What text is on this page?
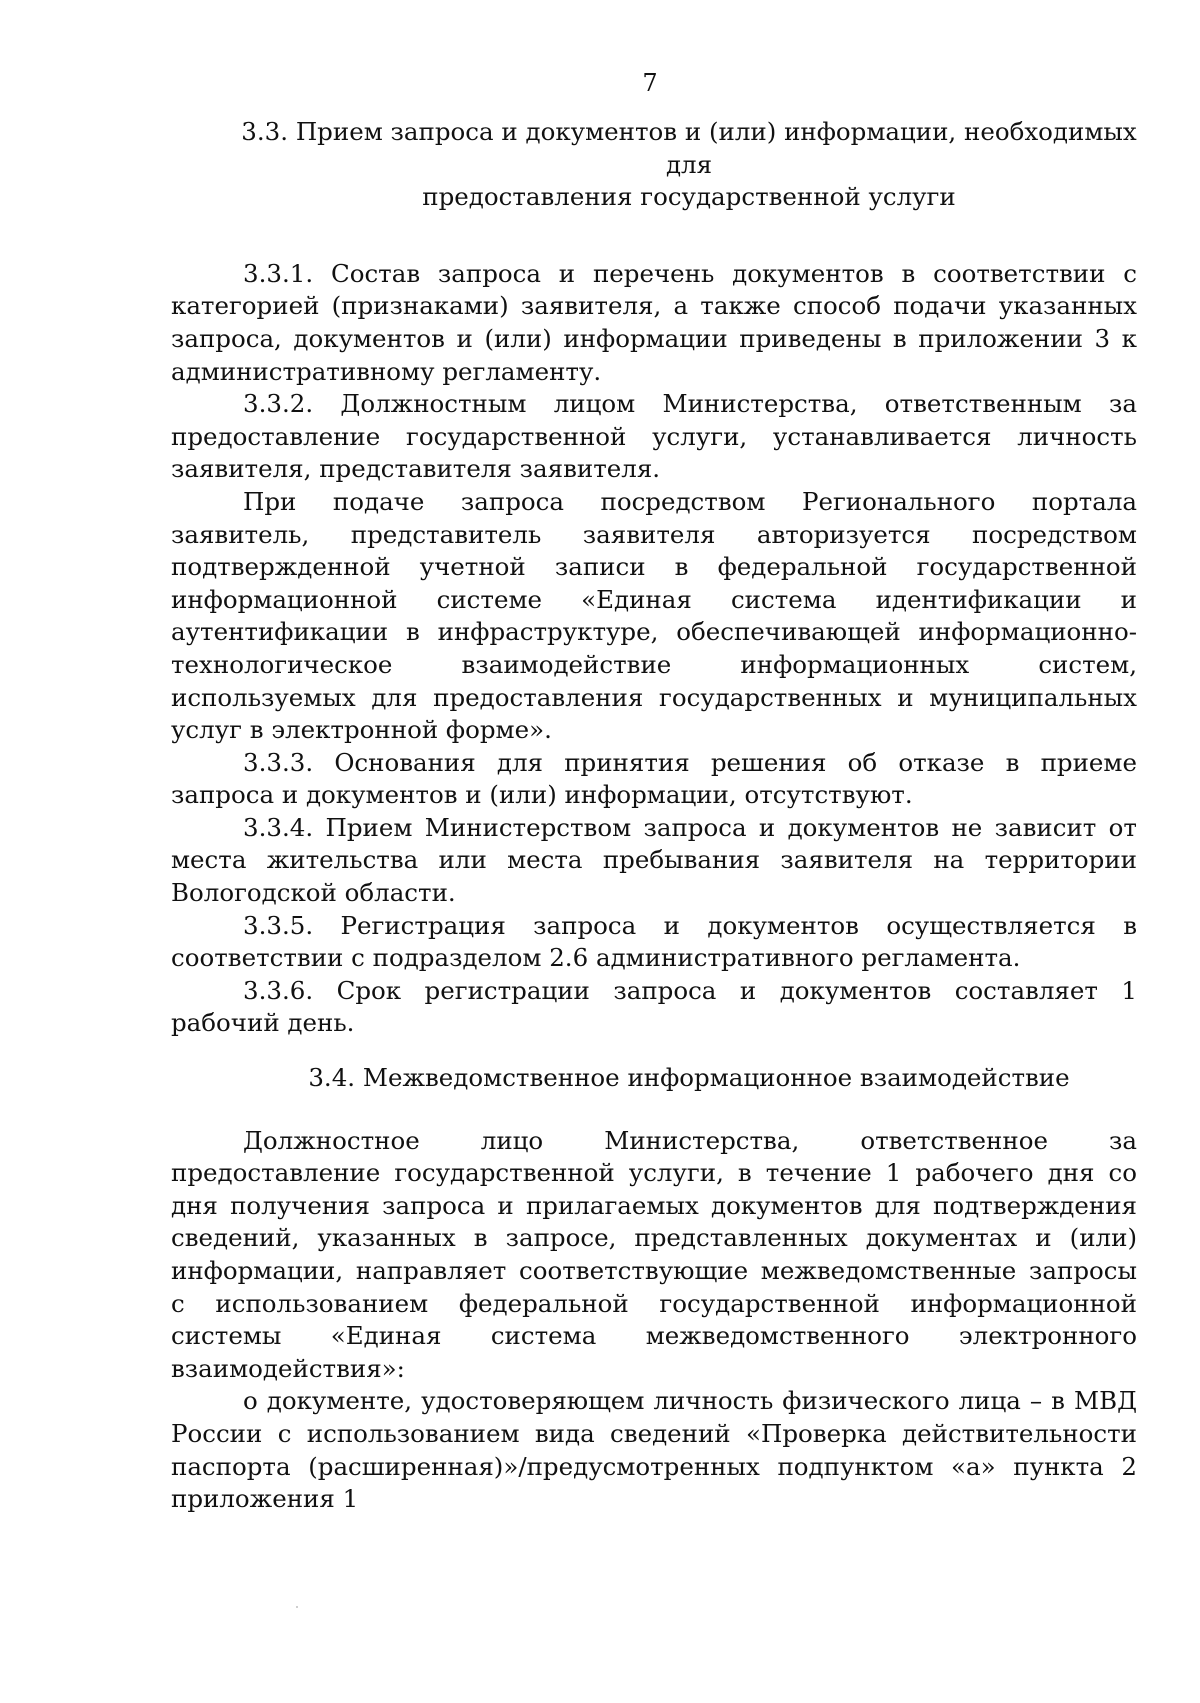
7
3.3. Прием запроса и документов и (или) информации, необходимых для
предоставления государственной услуги

3.3.1. Состав запроса и перечень документов в соответствии с категорией (признаками) заявителя, а также способ подачи указанных запроса, документов и (или) информации приведены в приложении 3 к административному регламенту.

3.3.2. Должностным лицом Министерства, ответственным за предоставление государственной услуги, устанавливается личность заявителя, представителя заявителя.

При подаче запроса посредством Регионального портала заявитель, представитель заявителя авторизуется посредством подтвержденной учетной записи в федеральной государственной информационной системе «Единая система идентификации и аутентификации в инфраструктуре, обеспечивающей информационно-технологическое взаимодействие информационных систем, используемых для предоставления государственных и муниципальных услуг в электронной форме».

3.3.3. Основания для принятия решения об отказе в приеме запроса и документов и (или) информации, отсутствуют.

3.3.4. Прием Министерством запроса и документов не зависит от места жительства или места пребывания заявителя на территории Вологодской области.

3.3.5. Регистрация запроса и документов осуществляется в соответствии с подразделом 2.6 административного регламента.

3.3.6. Срок регистрации запроса и документов составляет 1 рабочий день.

3.4. Межведомственное информационное взаимодействие

Должностное лицо Министерства, ответственное за предоставление государственной услуги, в течение 1 рабочего дня со дня получения запроса и прилагаемых документов для подтверждения сведений, указанных в запросе, представленных документах и (или) информации, направляет соответствующие межведомственные запросы с использованием федеральной государственной информационной системы «Единая система межведомственного электронного взаимодействия»:

о документе, удостоверяющем личность физического лица – в МВД России с использованием вида сведений «Проверка действительности паспорта (расширенная)»/предусмотренных подпунктом «а» пункта 2 приложения 1
